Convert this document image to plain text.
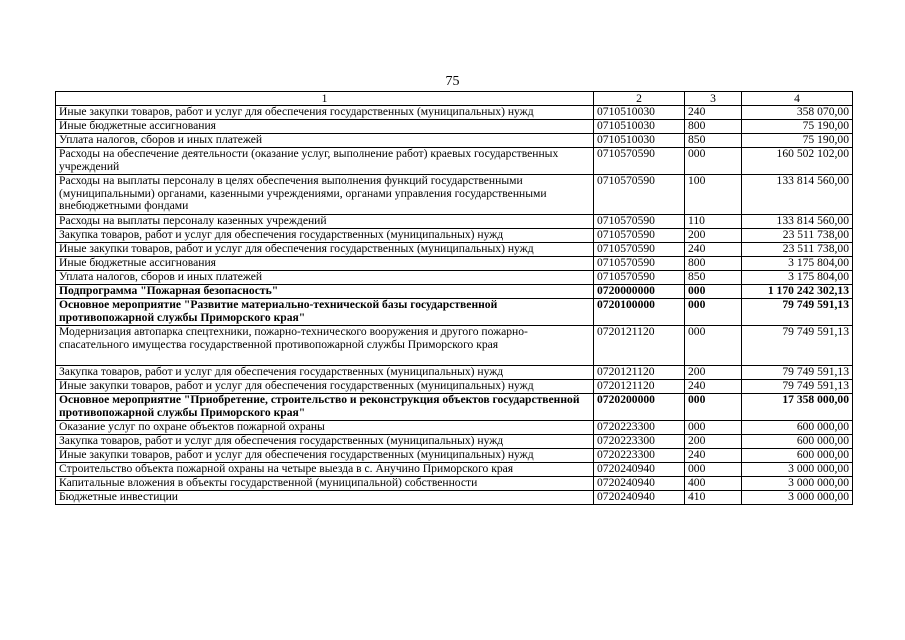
75
1	2	3	4
Иные закупки товаров, работ и услуг для обеспечения государственных (муниципальных) нужд	0710510030	240	358 070,00
Иные бюджетные ассигнования	0710510030	800	75 190,00
Уплата налогов, сборов и иных платежей	0710510030	850	75 190,00
Расходы на обеспечение деятельности (оказание услуг, выполнение работ) краевых государственных учреждений	0710570590	000	160 502 102,00
Расходы на выплаты персоналу в целях обеспечения выполнения функций государственными (муниципальными) органами, казенными учреждениями, органами управления государственными внебюджетными фондами	0710570590	100	133 814 560,00
Расходы на выплаты персоналу казенных учреждений	0710570590	110	133 814 560,00
Закупка товаров, работ и услуг для обеспечения государственных (муниципальных) нужд	0710570590	200	23 511 738,00
Иные закупки товаров, работ и услуг для обеспечения государственных (муниципальных) нужд	0710570590	240	23 511 738,00
Иные бюджетные ассигнования	0710570590	800	3 175 804,00
Уплата налогов, сборов и иных платежей	0710570590	850	3 175 804,00
Подпрограмма "Пожарная безопасность"	0720000000	000	1 170 242 302,13
Основное мероприятие "Развитие материально-технической базы государственной противопожарной службы Приморского края"	0720100000	000	79 749 591,13
Модернизация автопарка спецтехники, пожарно-технического вооружения и другого пожарно-спасательного имущества государственной противопожарной службы Приморского края	0720121120	000	79 749 591,13
Закупка товаров, работ и услуг для обеспечения государственных (муниципальных) нужд	0720121120	200	79 749 591,13
Иные закупки товаров, работ и услуг для обеспечения государственных (муниципальных) нужд	0720121120	240	79 749 591,13
Основное мероприятие "Приобретение, строительство и реконструкция объектов государственной противопожарной службы Приморского края"	0720200000	000	17 358 000,00
Оказание услуг по охране объектов пожарной охраны	0720223300	000	600 000,00
Закупка товаров, работ и услуг для обеспечения государственных (муниципальных) нужд	0720223300	200	600 000,00
Иные закупки товаров, работ и услуг для обеспечения государственных (муниципальных) нужд	0720223300	240	600 000,00
Строительство объекта пожарной охраны на четыре выезда в с. Анучино Приморского края	0720240940	000	3 000 000,00
Капитальные вложения в объекты государственной (муниципальной) собственности	0720240940	400	3 000 000,00
Бюджетные инвестиции	0720240940	410	3 000 000,00
